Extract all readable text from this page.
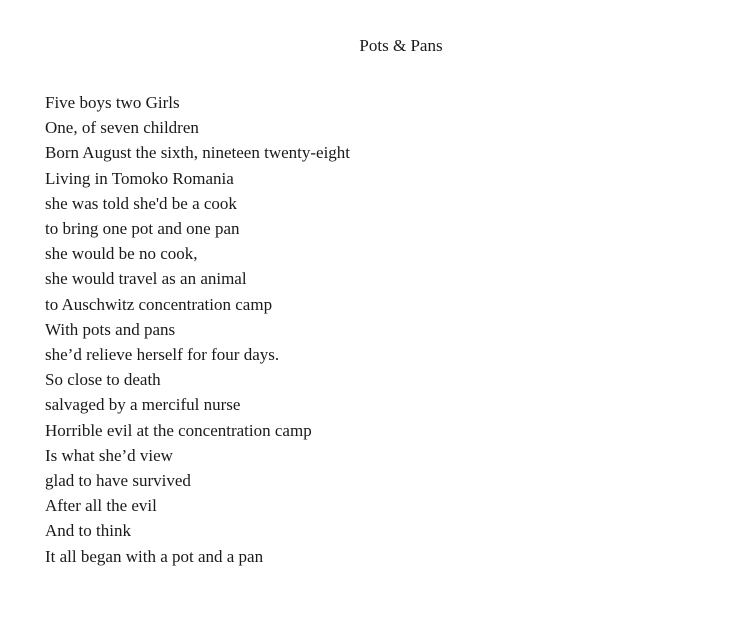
Pots & Pans
Five boys two Girls
One, of seven children
Born August the sixth, nineteen twenty-eight
Living in Tomoko Romania
she was told she'd be a cook
to bring one pot and one pan
she would be no cook,
she would travel as an animal
to Auschwitz concentration camp
With pots and pans
she’d relieve herself for four days.
So close to death
salvaged by a merciful nurse
Horrible evil at the concentration camp
Is what she’d view
glad to have survived
After all the evil
And to think
It all began with a pot and a pan
